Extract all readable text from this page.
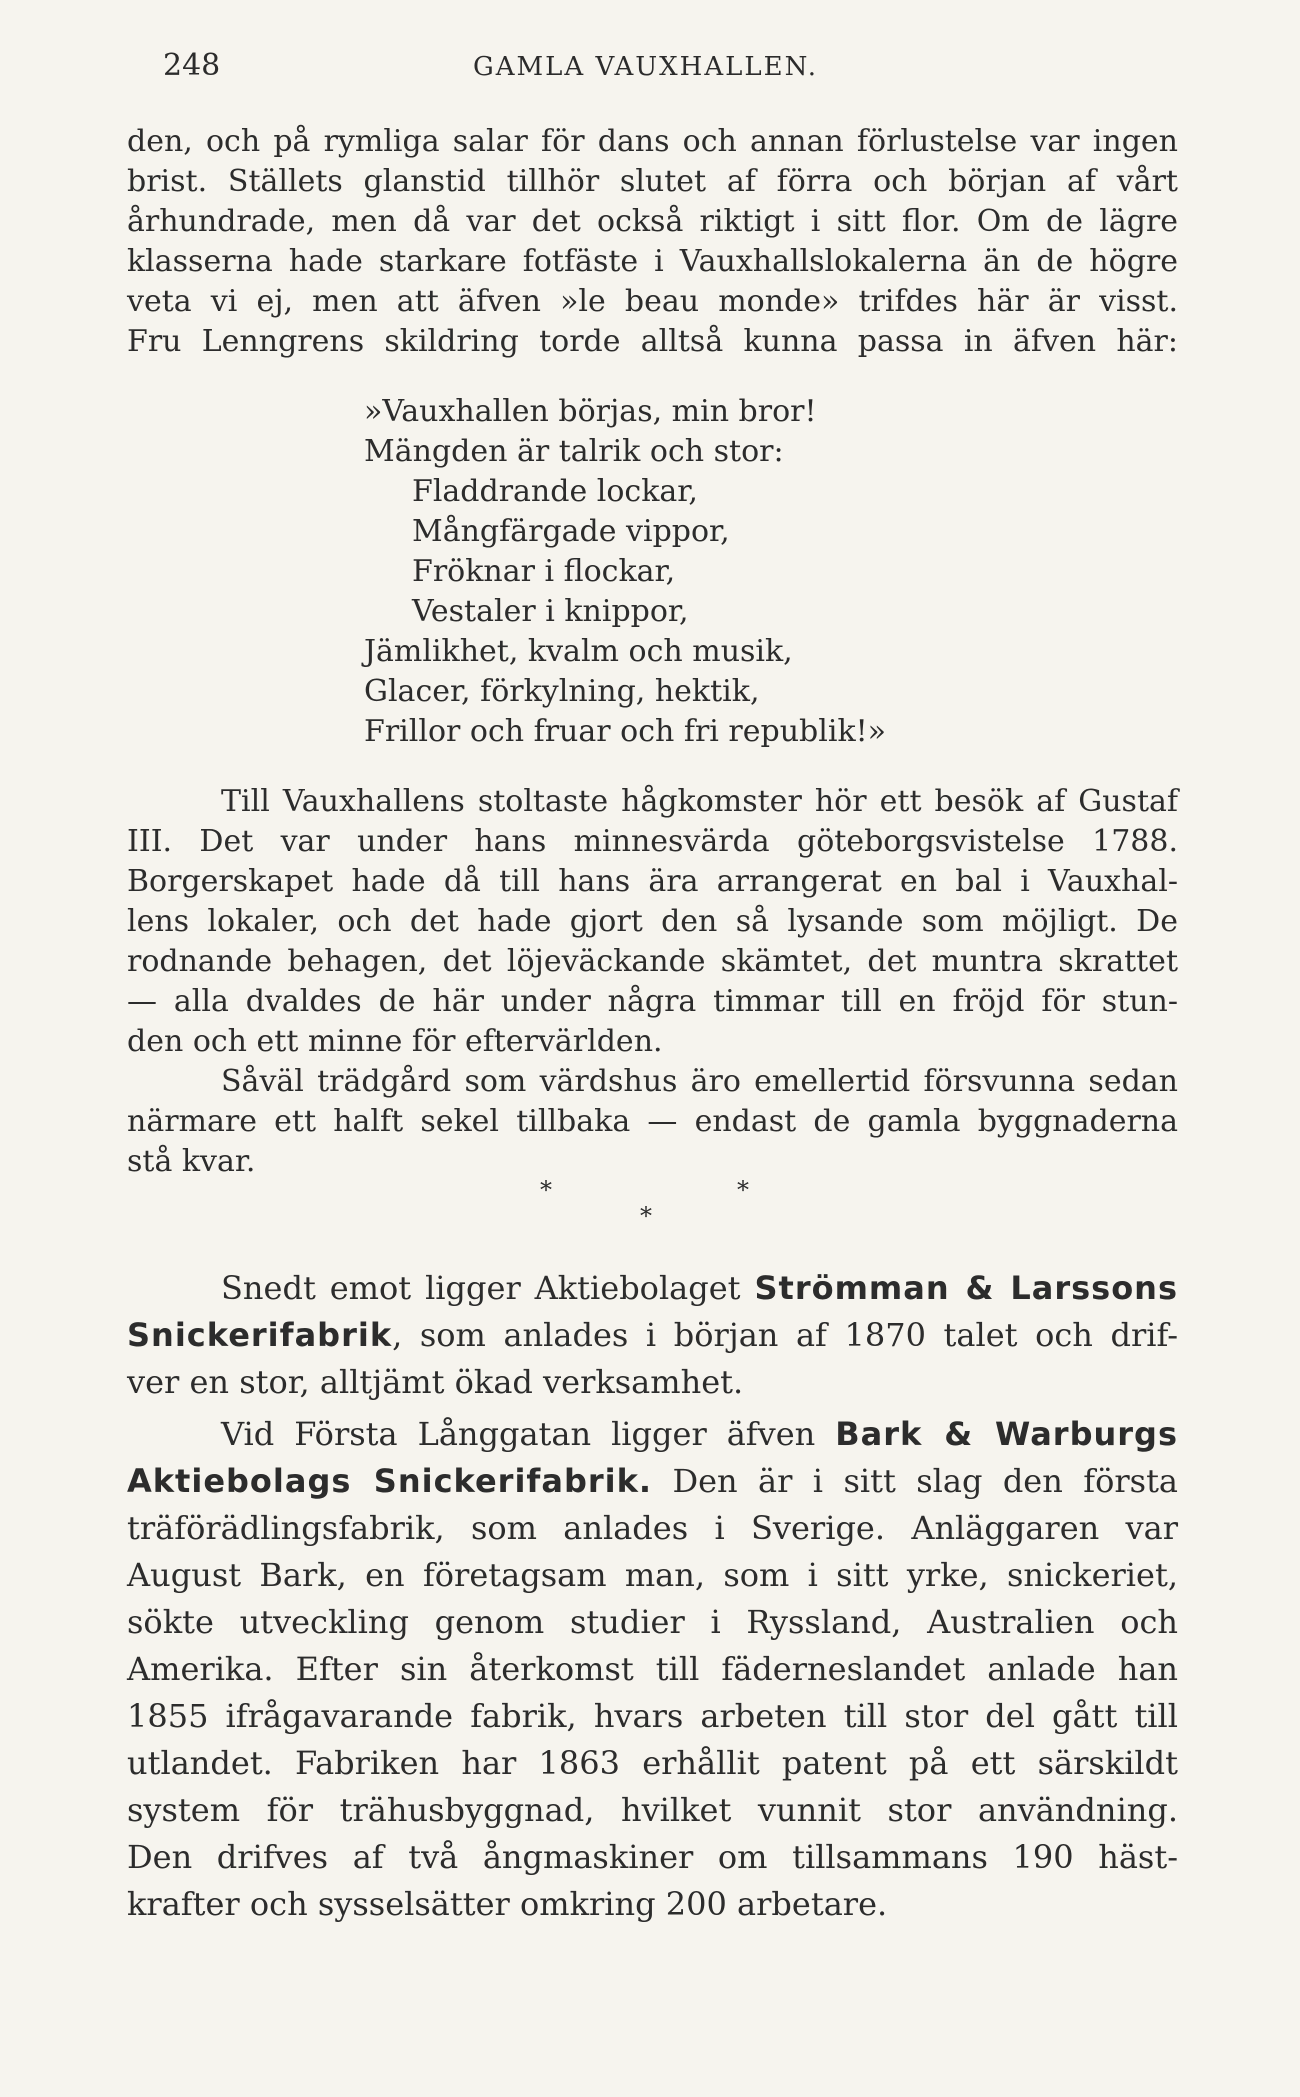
248	GAMLA VAUXHALLEN.
den, och på rymliga salar för dans och annan förlustelse var ingen
brist. Ställets glanstid tillhör slutet af förra och början af vårt
århundrade, men då var det också riktigt i sitt flor. Om de lägre
klasserna hade starkare fotfäste i Vauxhallslokalerna än de högre
veta vi ej, men att äfven »le beau monde» trifdes här är visst.
Fru Lenngrens skildring torde alltså kunna passa in äfven här:
»Vauxhallen börjas, min bror!
Mängden är talrik och stor:
Fladdrande lockar,
Mångfärgade vippor,
Fröknar i flockar,
Vestaler i knippor,
Jämlikhet, kvalm och musik,
Glacer, förkylning, hektik,
Frillor och fruar och fri republik!»
Till Vauxhallens stoltaste hågkomster hör ett besök af Gustaf
III. Det var under hans minnesvärda göteborgsvistelse 1788.
Borgerskapet hade då till hans ära arrangerat en bal i Vauxhal-
lens lokaler, och det hade gjort den så lysande som möjligt. De
rodnande behagen, det löjeväckande skämtet, det muntra skrattet
— alla dvaldes de här under några timmar till en fröjd för stun-
den och ett minne för eftervärlden.
Såväl trädgård som värdshus äro emellertid försvunna sedan
närmare ett halft sekel tillbaka — endast de gamla byggnaderna
stå kvar.
*	*
*
Snedt emot ligger Aktiebolaget Strömman & Larssons
Snickerifabrik, som anlades i början af 1870 talet och drif-
ver en stor, alltjämt ökad verksamhet.
Vid Första Långgatan ligger äfven Bark & Warburgs
Aktiebolags Snickerifabrik. Den är i sitt slag den första
träförädlingsfabrik, som anlades i Sverige. Anläggaren var
August Bark, en företagsam man, som i sitt yrke, snickeriet,
sökte utveckling genom studier i Ryssland, Australien och
Amerika. Efter sin återkomst till fäderneslandet anlade han
1855 ifrågavarande fabrik, hvars arbeten till stor del gått till
utlandet. Fabriken har 1863 erhållit patent på ett särskildt
system för trähusbyggnad, hvilket vunnit stor användning.
Den drifves af två ångmaskiner om tillsammans 190 häst-
krafter och sysselsätter omkring 200 arbetare.
